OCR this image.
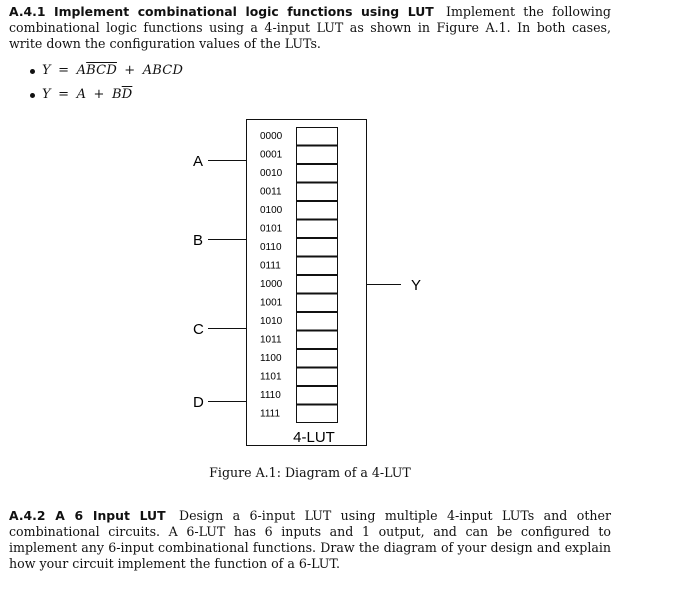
A.4.1 Implement combinational logic functions using LUT Implement the following combinational logic functions using a 4-input LUT as shown in Figure A.1. In both cases, write down the configuration values of the LUTs.
$Y = A\overline{BCD}$ + ABCD
$Y = A + B\overline{D}$
0000
0001
0010
0011
0100
0101
0110
0111
1000
1001
1010
1011
1100
1101
1110
1111
A
B
C
D
Y
4-LUT
Figure A.1: Diagram of a 4-LUT
A.4.2 A 6 Input LUT Design a 6-input LUT using multiple 4-input LUTs and other combinational circuits. A 6-LUT has 6 inputs and 1 output, and can be configured to implement any 6-input combinational functions. Draw the diagram of your design and explain how your circuit implement the function of a 6-LUT.
